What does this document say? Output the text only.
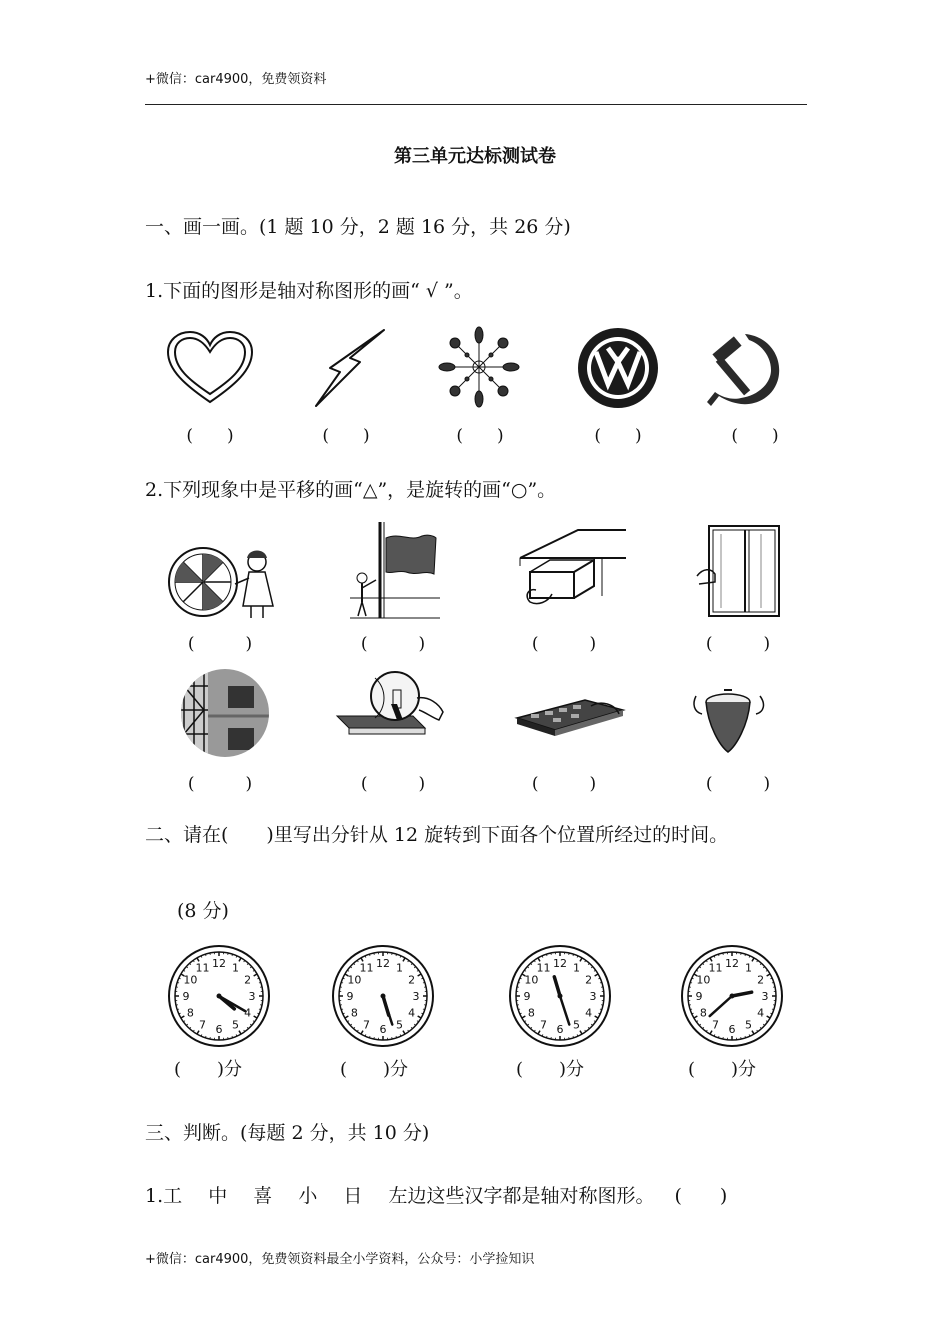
+微信：car4900，免费领资料
第三单元达标测试卷
一、画一画。(1 题 10 分，2 题 16 分，共 26 分)
1.下面的图形是轴对称图形的画“ √ ”。
(　　)	(　　)	(　　)	(　　)	(　　)
2.下列现象中是平移的画“△”，是旋转的画“○”。
(　　　)	(　　　)	(　　　)	(　　　)
(　　　)	(　　　)	(　　　)	(　　　)
二、请在(　　)里写出分针从 12 旋转到下面各个位置所经过的时间。
(8 分)
12 1
2
3
4
5
6
7
8
9
10
11	12 1
2
3
4
5
6
7
8
9
10
11	12 1
2
3
4
5
6
7
8
9
10
11	12 1
2
3
4
5
6
7
8
9
10
11
(　　)分	(　　)分	(　　)分	(　　)分
三、判断。(每题 2 分，共 10 分)
1.工 中 喜 小 日 左边这些汉字都是轴对称图形。 (　　)
+微信：car4900，免费领资料最全小学资料，公众号：小学捡知识
